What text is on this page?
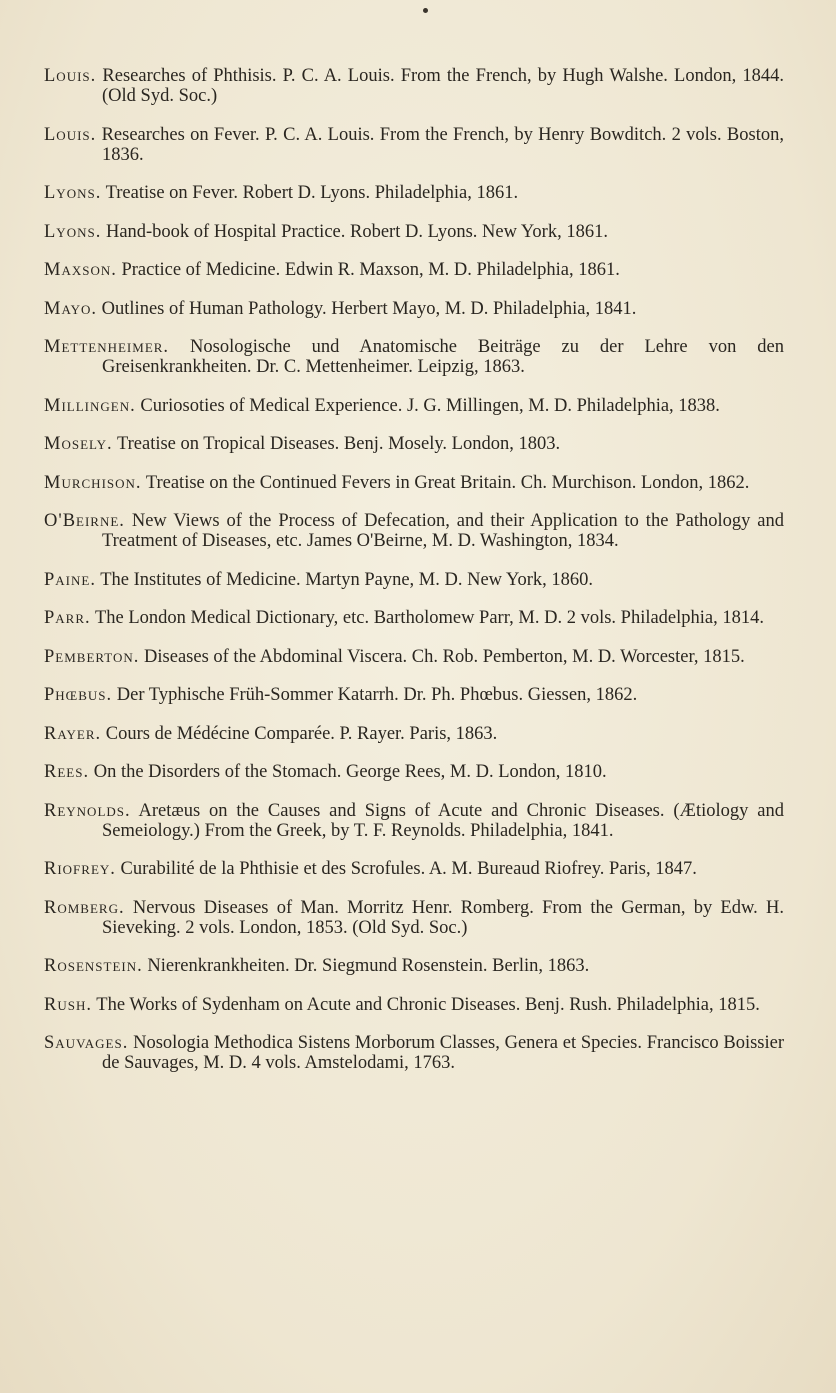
Louis. Researches of Phthisis. P. C. A. Louis. From the French, by Hugh Walshe. London, 1844. (Old Syd. Soc.)

Louis. Researches on Fever. P. C. A. Louis. From the French, by Henry Bowditch. 2 vols. Boston, 1836.

Lyons. Treatise on Fever. Robert D. Lyons. Philadelphia, 1861.

Lyons. Hand-book of Hospital Practice. Robert D. Lyons. New York, 1861.

Maxson. Practice of Medicine. Edwin R. Maxson, M. D. Philadelphia, 1861.

Mayo. Outlines of Human Pathology. Herbert Mayo, M. D. Philadelphia, 1841.

Mettenheimer. Nosologische und Anatomische Beiträge zu der Lehre von den Greisenkrankheiten. Dr. C. Mettenheimer. Leipzig, 1863.

Millingen. Curiosoties of Medical Experience. J. G. Millingen, M. D. Philadelphia, 1838.

Mosely. Treatise on Tropical Diseases. Benj. Mosely. London, 1803.

Murchison. Treatise on the Continued Fevers in Great Britain. Ch. Murchison. London, 1862.

O'Beirne. New Views of the Process of Defecation, and their Application to the Pathology and Treatment of Diseases, etc. James O'Beirne, M. D. Washington, 1834.

Paine. The Institutes of Medicine. Martyn Payne, M. D. New York, 1860.

Parr. The London Medical Dictionary, etc. Bartholomew Parr, M. D. 2 vols. Philadelphia, 1814.

Pemberton. Diseases of the Abdominal Viscera. Ch. Rob. Pemberton, M. D. Worcester, 1815.

Phœbus. Der Typhische Früh-Sommer Katarrh. Dr. Ph. Phœbus. Giessen, 1862.

Rayer. Cours de Médécine Comparée. P. Rayer. Paris, 1863.

Rees. On the Disorders of the Stomach. George Rees, M. D. London, 1810.

Reynolds. Aretæus on the Causes and Signs of Acute and Chronic Diseases. (Ætiology and Semeiology.) From the Greek, by T. F. Reynolds. Philadelphia, 1841.

Riofrey. Curabilité de la Phthisie et des Scrofules. A. M. Bureaud Riofrey. Paris, 1847.

Romberg. Nervous Diseases of Man. Morritz Henr. Romberg. From the German, by Edw. H. Sieveking. 2 vols. London, 1853. (Old Syd. Soc.)

Rosenstein. Nierenkrankheiten. Dr. Siegmund Rosenstein. Berlin, 1863.

Rush. The Works of Sydenham on Acute and Chronic Diseases. Benj. Rush. Philadelphia, 1815.

Sauvages. Nosologia Methodica Sistens Morborum Classes, Genera et Species. Francisco Boissier de Sauvages, M. D. 4 vols. Amstelodami, 1763.
